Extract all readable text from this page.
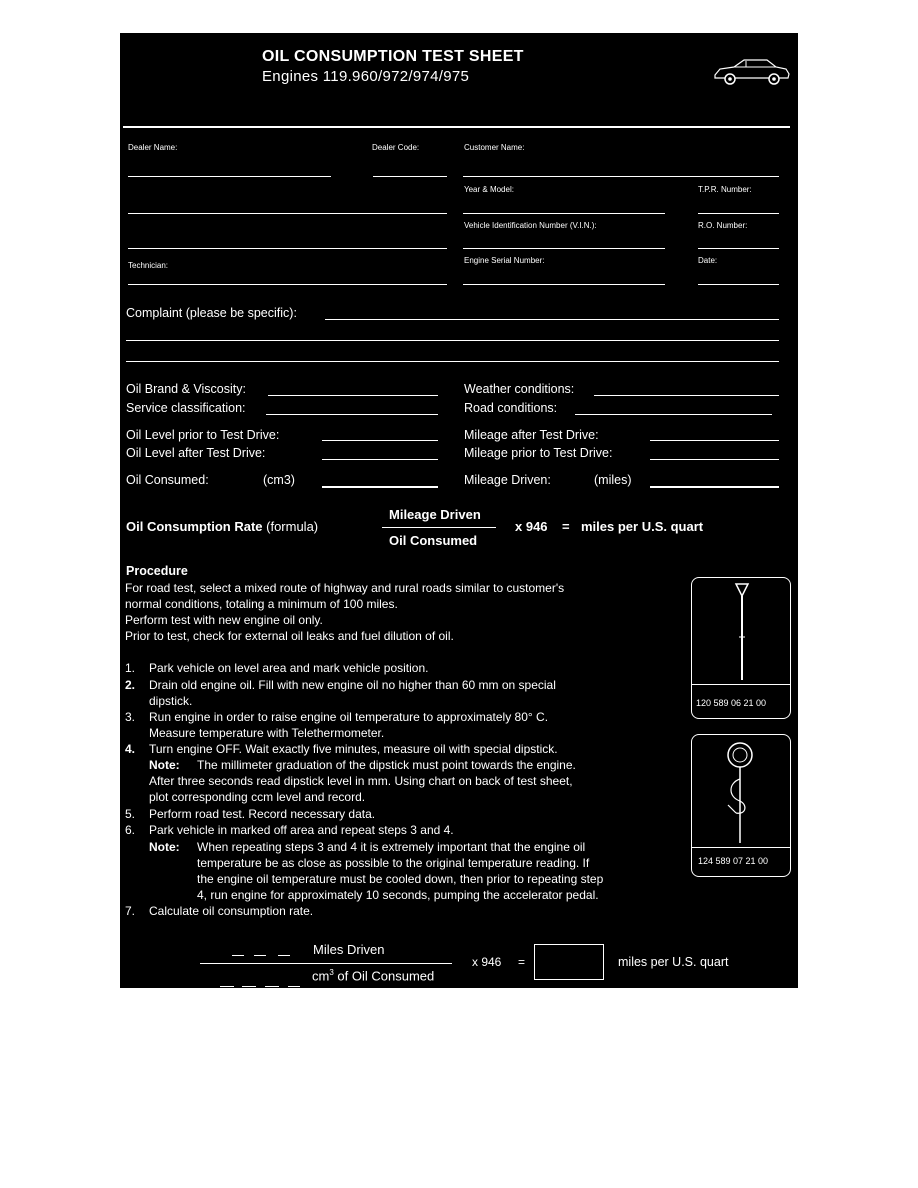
OIL CONSUMPTION TEST SHEET
Engines 119.960/972/974/975
Dealer Name:	Dealer Code:	Customer Name:
Year & Model:	T.P.R. Number:
Vehicle Identification Number (V.I.N.):	R.O. Number:
Technician:
Engine Serial Number:	Date:
Complaint (please be specific):
Oil Brand & Viscosity:	Weather conditions:
Service classification:	Road conditions:
Oil Level prior to Test Drive:	Mileage after Test Drive:
Oil Level after Test Drive:	Mileage prior to Test Drive:
Oil Consumed:	(cm3)	Mileage Driven:	(miles)
Oil Consumption Rate (formula)
Mileage Driven
Oil Consumed
x 946 = miles per U.S. quart
Procedure
For road test, select a mixed route of highway and rural roads similar to customer's
normal conditions, totaling a minimum of 100 miles.
Perform test with new engine oil only.
Prior to test, check for external oil leaks and fuel dilution of oil.
1. Park vehicle on level area and mark vehicle position.
2. Drain old engine oil. Fill with new engine oil no higher than 60 mm on special
dipstick.
3. Run engine in order to raise engine oil temperature to approximately 80° C.
Measure temperature with Telethermometer.
4. Turn engine OFF. Wait exactly five minutes, measure oil with special dipstick.
Note: The millimeter graduation of the dipstick must point towards the engine.
After three seconds read dipstick level in mm. Using chart on back of test sheet,
plot corresponding ccm level and record.
5. Perform road test. Record necessary data.
6. Park vehicle in marked off area and repeat steps 3 and 4.
Note: When repeating steps 3 and 4 it is extremely important that the engine oil
temperature be as close as possible to the original temperature reading. If
the engine oil temperature must be cooled down, then prior to repeating step
4, run engine for approximately 10 seconds, pumping the accelerator pedal.
7. Calculate oil consumption rate.
120 589 06 21 00
124 589 07 21 00
Miles Driven
$cm^3$ of Oil Consumed
x 946 =	miles per U.S. quart
